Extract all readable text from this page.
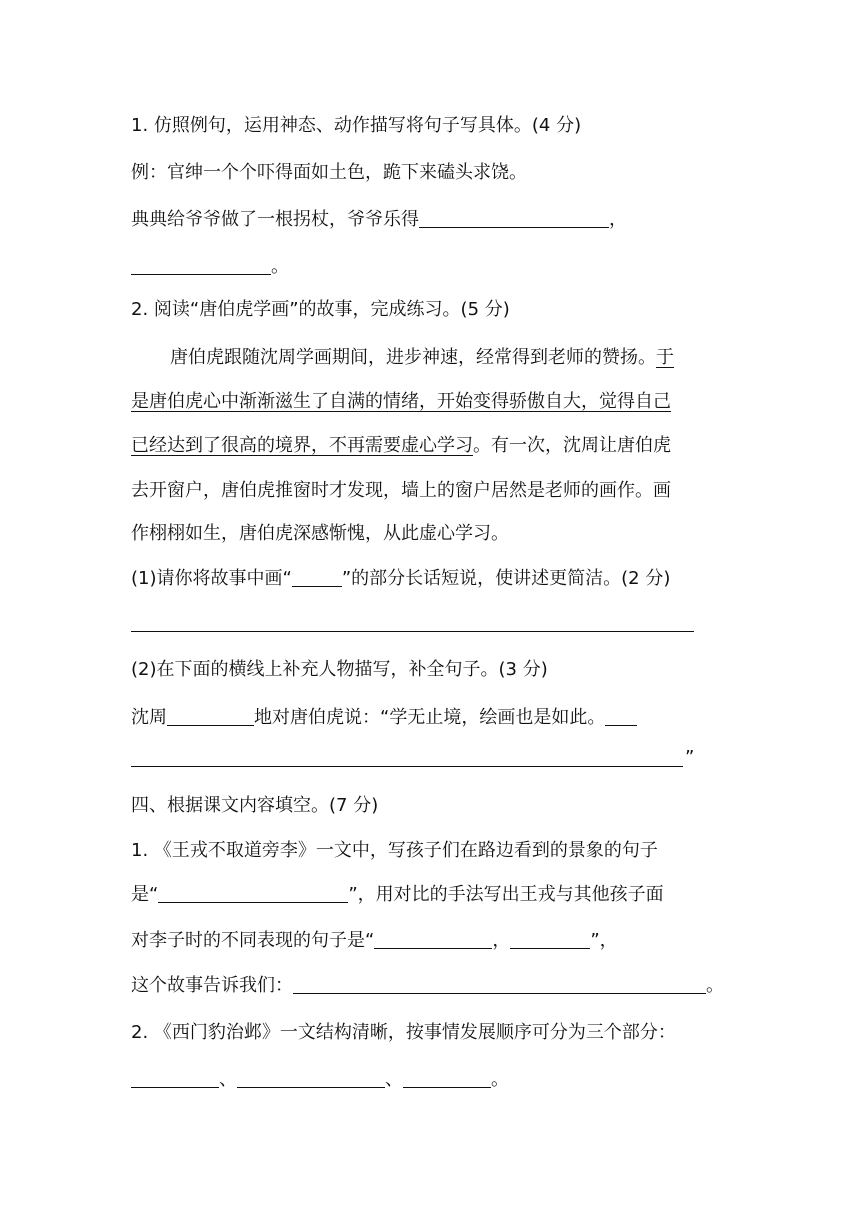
1. 仿照例句，运用神态、动作描写将句子写具体。(4 分)
例：官绅一个个吓得面如土色，跪下来磕头求饶。
典典给爷爷做了一根拐杖，爷爷乐得	，
。
2. 阅读“唐伯虎学画”的故事，完成练习。(5 分)
唐伯虎跟随沈周学画期间，进步神速，经常得到老师的赞扬。于
是唐伯虎心中渐渐滋生了自满的情绪，开始变得骄傲自大，觉得自己
已经达到了很高的境界，不再需要虚心学习。有一次，沈周让唐伯虎
去开窗户，唐伯虎推窗时才发现，墙上的窗户居然是老师的画作。画
作栩栩如生，唐伯虎深感惭愧，从此虚心学习。
(1)请你将故事中画“	”的部分长话短说，使讲述更简洁。(2 分)
(2)在下面的横线上补充人物描写，补全句子。(3 分)
沈周	地对唐伯虎说：“学无止境，绘画也是如此。
”
四、根据课文内容填空。(7 分)
1. 《王戎不取道旁李》一文中，写孩子们在路边看到的景象的句子
是“	”，用对比的手法写出王戎与其他孩子面
对李子时的不同表现的句子是“	，	”，
这个故事告诉我们：	。
2. 《西门豹治邺》一文结构清晰，按事情发展顺序可分为三个部分：
、	、	。
